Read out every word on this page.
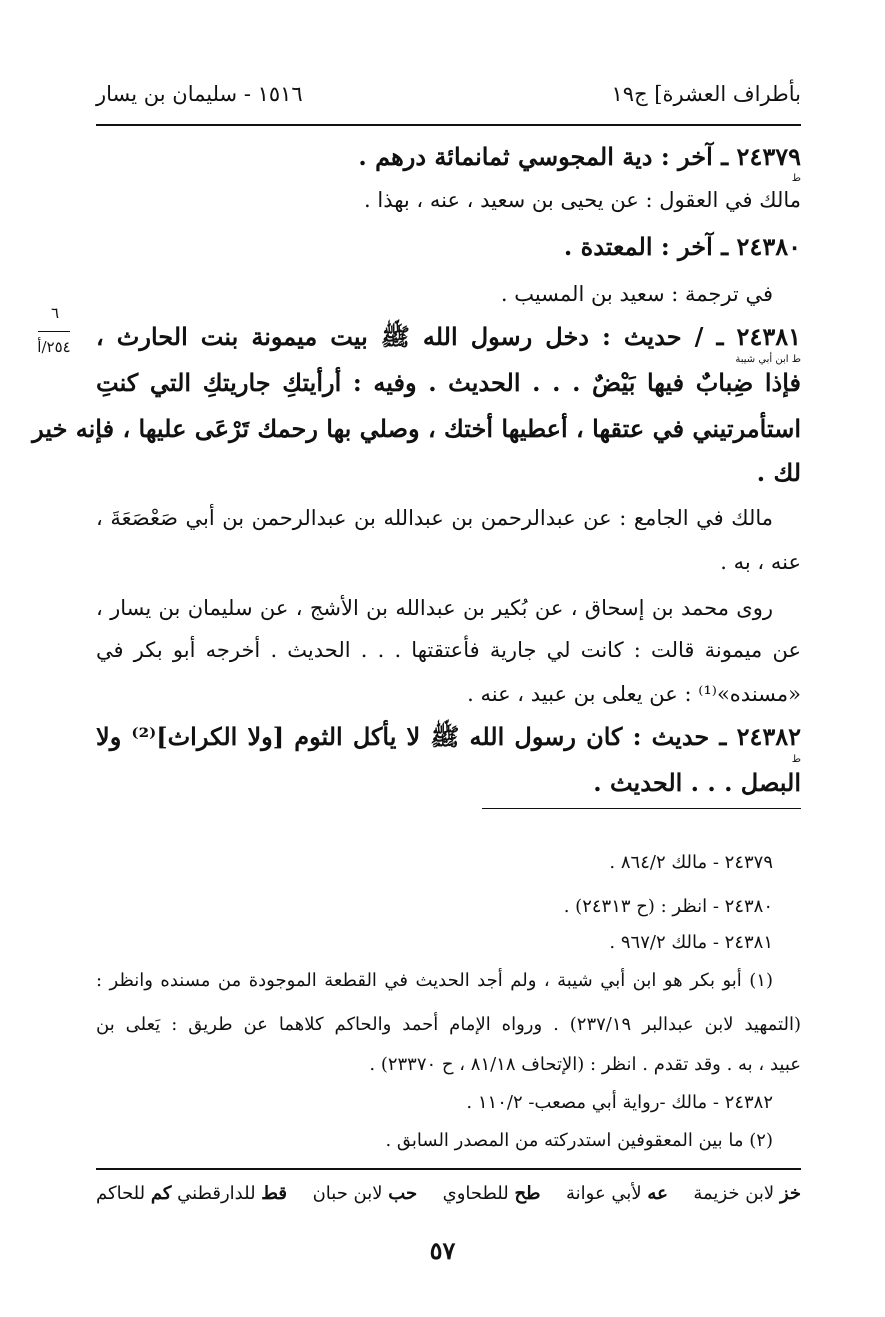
بأطراف العشرة] ج١٩
١٥١٦ - سليمان بن يسار
٦
٢٥٤/أ
٢٤٣٧٩ ـ آخر : دية المجوسي ثمانمائة درهم .
ط
مالك في العقول : عن يحيى بن سعيد ، عنه ، بهذا .
٢٤٣٨٠ ـ آخر : المعتدة .
في ترجمة : سعيد بن المسيب .
٢٤٣٨١ ـ / حديث : دخل رسول الله ﷺ بيت ميمونة بنت الحارث ،
ط ابن أبي شيبة
فإذا ضِبابٌ فيها بَيْضٌ . . . الحديث . وفيه : أرأيتكِ جاريتكِ التي كنتِ
استأمرتيني في عتقها ، أعطيها أختك ، وصلي بها رحمك تَرْعَى عليها ، فإنه خير
لك .
مالك في الجامع : عن عبدالرحمن بن عبدالله بن عبدالرحمن بن أبي صَعْصَعَةَ ،
عنه ، به .
روى محمد بن إسحاق ، عن بُكير بن عبدالله بن الأشج ، عن سليمان بن يسار ،
عن ميمونة قالت : كانت لي جارية فأعتقتها . . . الحديث . أخرجه أبو بكر في
«مسنده»⁽¹⁾ : عن يعلى بن عبيد ، عنه .
٢٤٣٨٢ ـ حديث : كان رسول الله ﷺ لا يأكل الثوم [ولا الكراث]⁽²⁾ ولا
ط
البصل . . . الحديث .
٢٤٣٧٩ - مالك ٨٦٤/٢ .
٢٤٣٨٠ - انظر : (ح ٢٤٣١٣) .
٢٤٣٨١ - مالك ٩٦٧/٢ .
(١) أبو بكر هو ابن أبي شيبة ، ولم أجد الحديث في القطعة الموجودة من مسنده وانظر :
(التمهيد لابن عبدالبر ٢٣٧/١٩) . ورواه الإمام أحمد والحاكم كلاهما عن طريق : يَعلى بن
عبيد ، به . وقد تقدم . انظر : (الإتحاف ٨١/١٨ ، ح ٢٣٣٧٠) .
٢٤٣٨٢ - مالك -رواية أبي مصعب- ١١٠/٢ .
(٢) ما بين المعقوفين استدركته من المصدر السابق .
خز لابن خزيمة
عه لأبي عوانة
طح للطحاوي
حب لابن حبان
قط للدارقطني كم للحاكم
٥٧
